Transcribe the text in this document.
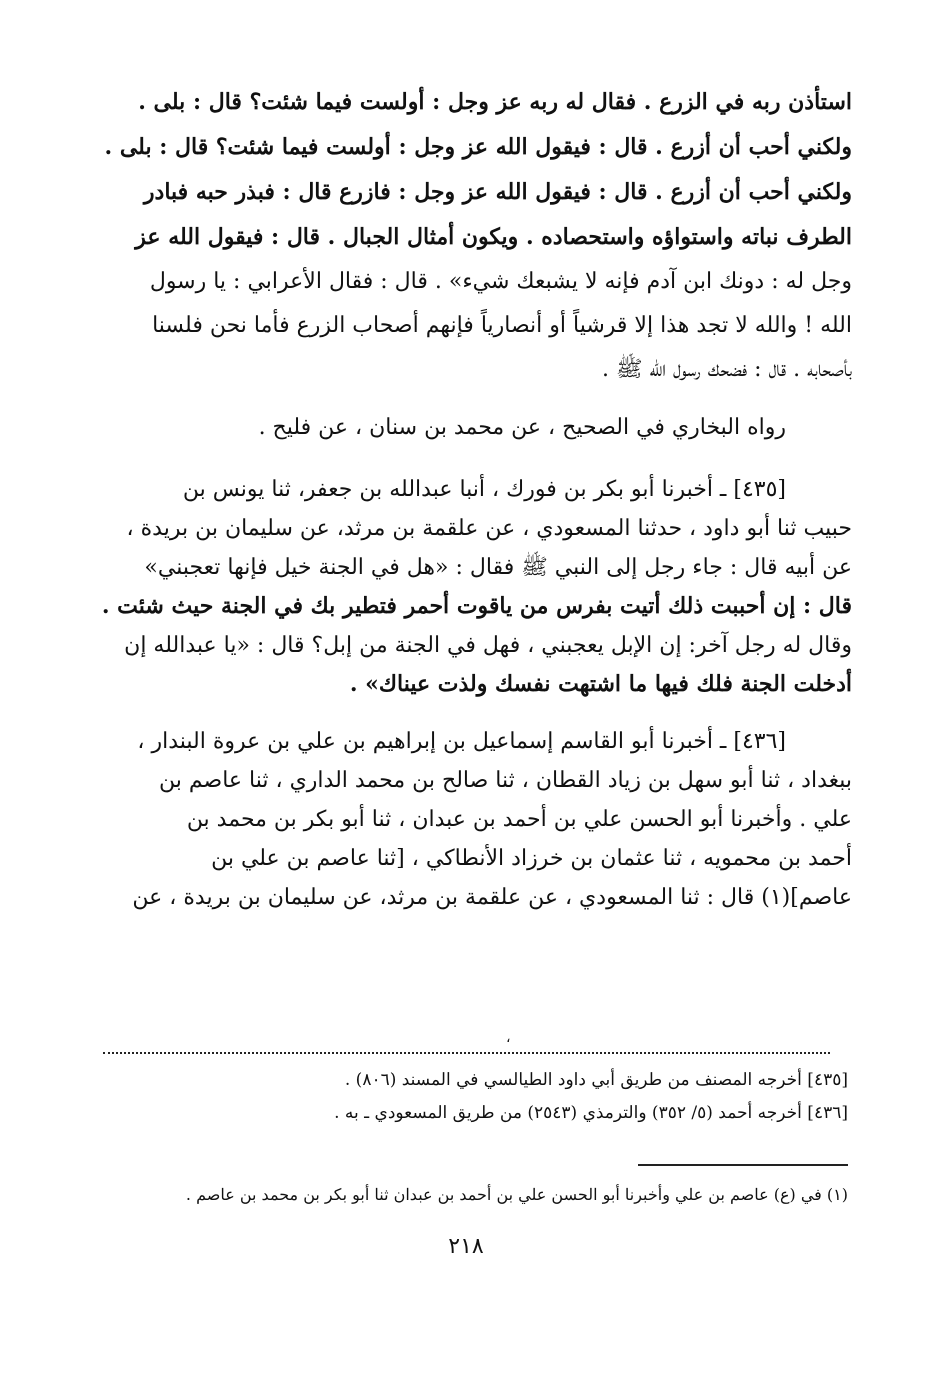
استأذن ربه في الزرع . فقال له ربه عز وجل : أولست فيما شئت؟ قال : بلى .
ولكني أحب أن أزرع . قال : فيقول الله عز وجل : أولست فيما شئت؟ قال : بلى .
ولكني أحب أن أزرع . قال : فيقول الله عز وجل : فازرع قال : فبذر حبه فبادر
الطرف نباته واستواؤه واستحصاده . ويكون أمثال الجبال . قال : فيقول الله عز
وجل له : دونك ابن آدم فإنه لا يشبعك شيء» . قال : فقال الأعرابي : يا رسول
الله ! والله لا تجد هذا إلا قرشياً أو أنصارياً فإنهم أصحاب الزرع فأما نحن فلسنا
بأصحابه . قال : فضحك رسول الله ﷺ .
رواه البخاري في الصحيح ، عن محمد بن سنان ، عن فليح .
[٤٣٥] ـ أخبرنا أبو بكر بن فورك ، أنبا عبدالله بن جعفر، ثنا يونس بن
حبيب ثنا أبو داود ، حدثنا المسعودي ، عن علقمة بن مرثد، عن سليمان بن بريدة ،
عن أبيه قال : جاء رجل إلى النبي ﷺ فقال : «هل في الجنة خيل فإنها تعجبني»
قال : إن أحببت ذلك أتيت بفرس من ياقوت أحمر فتطير بك في الجنة حيث شئت .
وقال له رجل آخر: إن الإبل يعجبني ، فهل في الجنة من إبل؟ قال : «يا عبدالله إن
أدخلت الجنة فلك فيها ما اشتهت نفسك ولذت عيناك» .
[٤٣٦] ـ أخبرنا أبو القاسم إسماعيل بن إبراهيم بن علي بن عروة البندار ،
ببغداد ، ثنا أبو سهل بن زياد القطان ، ثنا صالح بن محمد الداري ، ثنا عاصم بن
علي . وأخبرنا أبو الحسن علي بن أحمد بن عبدان ، ثنا أبو بكر بن محمد بن
أحمد بن محمويه ، ثنا عثمان بن خرزاد الأنطاكي ، [ثنا عاصم بن علي بن
عاصم](١) قال : ثنا المسعودي ، عن علقمة بن مرثد، عن سليمان بن بريدة ، عن
،
[٤٣٥] أخرجه المصنف من طريق أبي داود الطيالسي في المسند (٨٠٦) .
[٤٣٦] أخرجه أحمد (٥/ ٣٥٢) والترمذي (٢٥٤٣) من طريق المسعودي ـ به .
(١) في (ع) عاصم بن علي وأخبرنا أبو الحسن علي بن أحمد بن عبدان ثنا أبو بكر بن محمد بن عاصم .
٢١٨
